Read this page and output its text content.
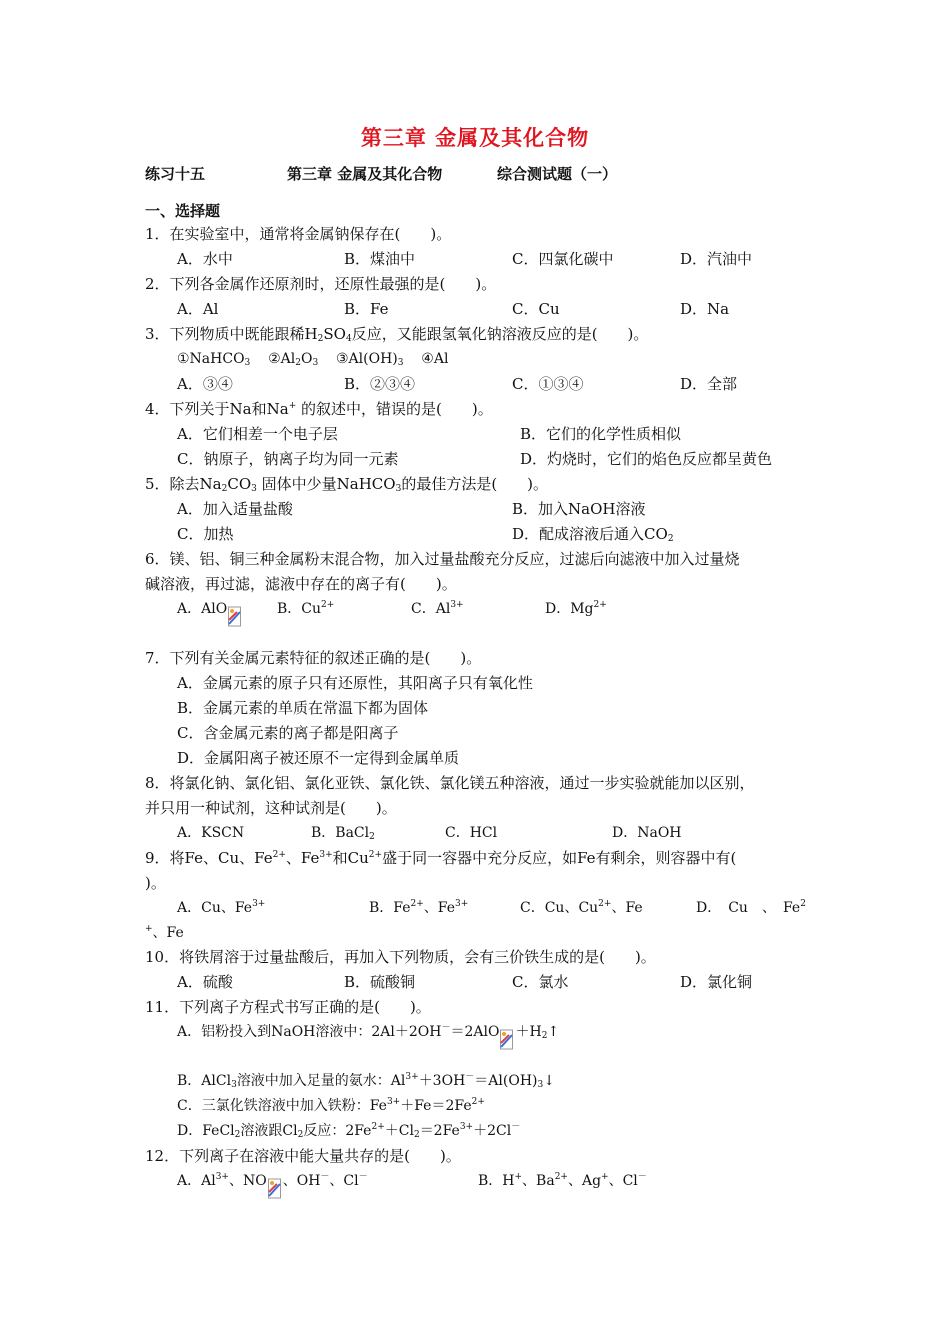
第三章 金属及其化合物
练习十五	第三章 金属及其化合物	综合测试题（一）
一、选择题
1．在实验室中，通常将金属钠保存在(　　)。
A．水中	B．煤油中	C．四氯化碳中	D．汽油中
2．下列各金属作还原剂时，还原性最强的是(　　)。
A．Al	B．Fe	C．Cu	D．Na
3．下列物质中既能跟稀$H_2SO_4$反应，又能跟氢氧化钠溶液反应的是(　　)。
①NaHCO$_3$ $②Al_2O_3$ $③Al(OH)_3$ ④Al
A．③④	B．②③④	C．①③④	D．全部
4．下列关于Na和Na+ 的叙述中，错误的是(　　)。
A．它们相差一个电子层	B．它们的化学性质相似
C．钠原子，钠离子均为同一元素	D．灼烧时，它们的焰色反应都呈黄色
5．除去$Na_2CO_3$ 固体中少量NaHCO$_3$的最佳方法是(　　)。
A．加入适量盐酸	B．加入NaOH溶液
C．加热	D．配成溶液后通入$CO_2$
6．镁、铝、铜三种金属粉末混合物，加入过量盐酸充分反应，过滤后向滤液中加入过量烧
碱溶液，再过滤，滤液中存在的离子有(　　)。
A．AlO	B．$Cu^{2+}$	C．$Al^{3+}$	D．$Mg^{2+}$
7．下列有关金属元素特征的叙述正确的是(　　)。
A．金属元素的原子只有还原性，其阳离子只有氧化性
B．金属元素的单质在常温下都为固体
C．含金属元素的离子都是阳离子
D．金属阳离子被还原不一定得到金属单质
8．将氯化钠、氯化铝、氯化亚铁、氯化铁、氯化镁五种溶液，通过一步实验就能加以区别，
并只用一种试剂，这种试剂是(　　)。
A．KSCN	B．BaCl$_2$	C．HCl	D．NaOH
9．将Fe、Cu、$Fe^{2+}$、$Fe^{3+}$和$Cu^{2+}$盛于同一容器中充分反应，如Fe有剩余，则容器中有(
)。
A．Cu、$Fe^{3+}$	B．$Fe^{2+}$、$Fe^{3+}$	C．Cu、$Cu^{2+}$、Fe	D．　Cu　、　Fe$^2$
+、Fe
10．将铁屑溶于过量盐酸后，再加入下列物质，会有三价铁生成的是(　　)。
A．硫酸	B．硫酸铜	C．氯水	D．氯化铜
11．下列离子方程式书写正确的是(　　)。
A．铝粉投入到NaOH溶液中：$2Al+2OH^-=2AlO +H_2↑$
B．AlCl$_3$溶液中加入足量的氨水：$Al^{3+}+3OH^-=Al(OH)_3↓$
C．三氯化铁溶液中加入铁粉：$Fe^{3+}+Fe=2Fe^{2+}$
D．FeCl$_2$溶液跟$Cl_2$反应：$2Fe^{2+}+Cl_2=2Fe^{3+}+2Cl^-$
12．下列离子在溶液中能大量共存的是(　　)。
A．$Al^{3+}$、NO 、OH－、Cl－	B．H+、$Ba^{2+}$、Ag+、Cl－
